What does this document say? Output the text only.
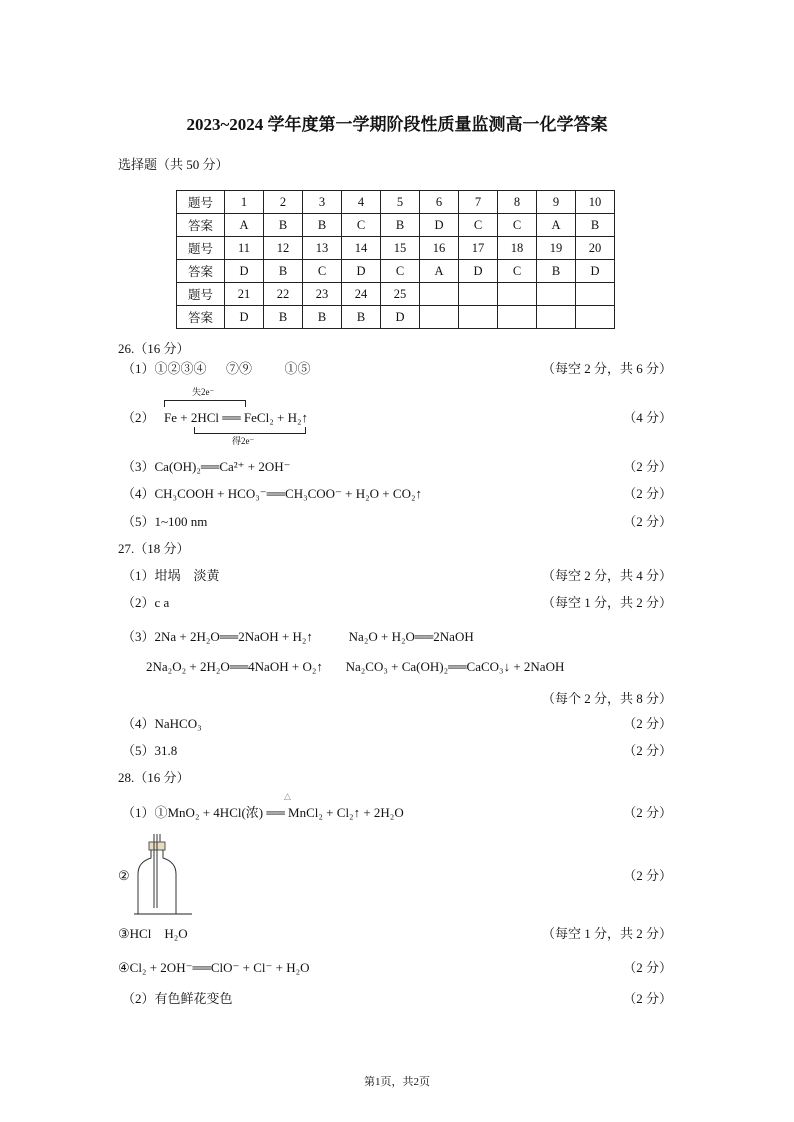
2023~2024 学年度第一学期阶段性质量监测高一化学答案
选择题（共 50 分）
题号	1	2	3	4	5	6	7	8	9	10
答案	A	B	B	C	B	D	C	C	A	B
题号	11	12	13	14	15	16	17	18	19	20
答案	D	B	C	D	C	A	D	C	B	D
题号	21	22	23	24	25					
答案	D	B	B	B	D					
26.（16 分）
（1）①②③④      ⑦⑨          ①⑤	（每空 2 分，共 6 分）
失2e⁻
（2） Fe + 2HCl ══ FeCl₂ + H₂↑
得2e⁻
（4 分）
（3）Ca(OH)₂══Ca²⁺ + 2OH⁻	（2 分）
（4）CH₃COOH + HCO₃⁻══CH₃COO⁻ + H₂O + CO₂↑	（2 分）
（5）1~100 nm	（2 分）
27.（18 分）
（1）坩埚    淡黄	（每空 2 分，共 4 分）
（2）c a	（每空 1 分，共 2 分）
（3）2Na + 2H₂O══2NaOH + H₂↑           Na₂O + H₂O══2NaOH
2Na₂O₂ + 2H₂O══4NaOH + O₂↑       Na₂CO₃ + Ca(OH)₂══CaCO₃↓ + 2NaOH
（每个 2 分，共 8 分）
（4）NaHCO₃	（2 分）
（5）31.8	（2 分）
28.（16 分）
△
（1）①MnO₂ + 4HCl(浓) ══ MnCl₂ + Cl₂↑ + 2H₂O	（2 分）
②	（2 分）
③HCl    H₂O	（每空 1 分，共 2 分）
④Cl₂ + 2OH⁻══ClO⁻ + Cl⁻ + H₂O	（2 分）
（2）有色鲜花变色	（2 分）
第1页，共2页
